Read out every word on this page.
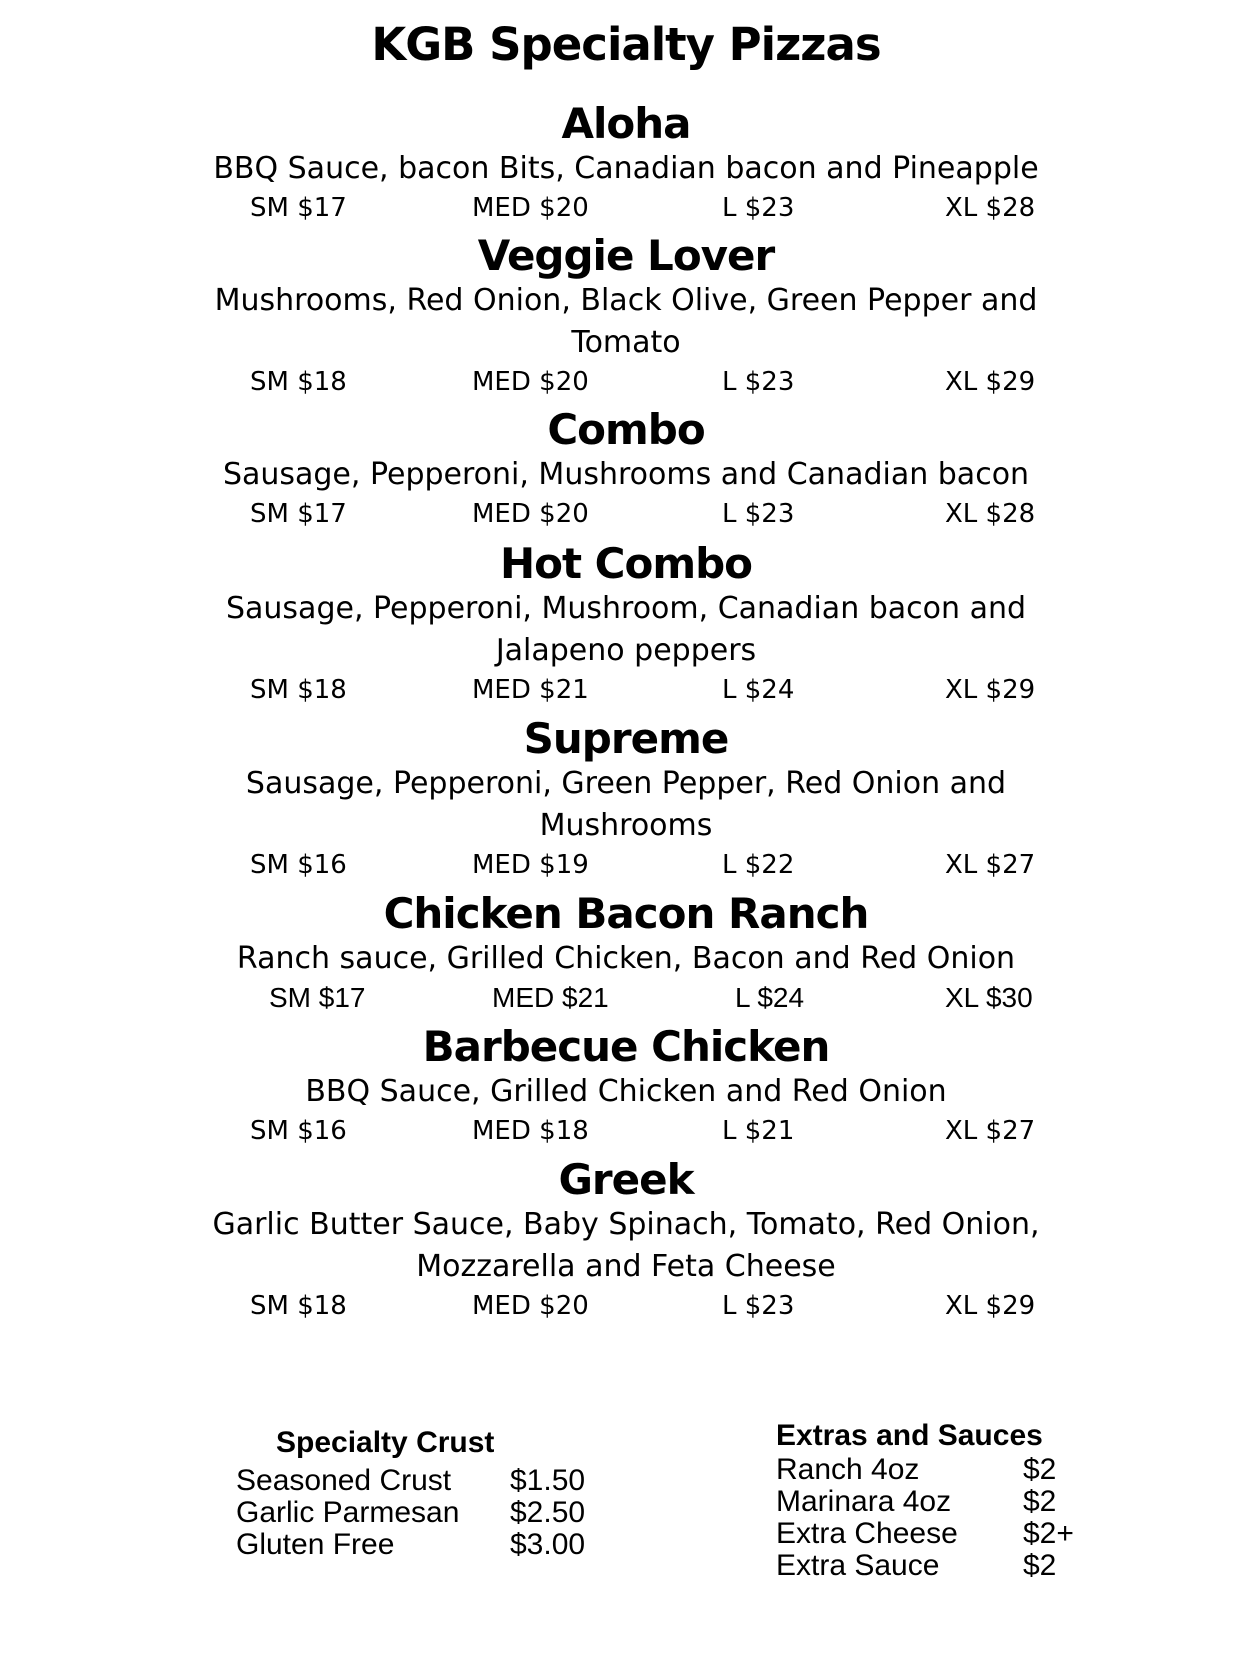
KGB Specialty Pizzas
Aloha
BBQ Sauce, bacon Bits, Canadian bacon and Pineapple
SM $17	MED $20	L $23	XL $28
Veggie Lover
Mushrooms, Red Onion, Black Olive, Green Pepper and Tomato
SM $18	MED $20	L $23	XL $29
Combo
Sausage, Pepperoni, Mushrooms and Canadian bacon
SM $17	MED $20	L $23	XL $28
Hot Combo
Sausage, Pepperoni, Mushroom, Canadian bacon and Jalapeno peppers
SM $18	MED $21	L $24	XL $29
Supreme
Sausage, Pepperoni, Green Pepper, Red Onion and Mushrooms
SM $16	MED $19	L $22	XL $27
Chicken Bacon Ranch
Ranch sauce, Grilled Chicken, Bacon and Red Onion
SM $17	MED $21	L $24	XL $30
Barbecue Chicken
BBQ Sauce, Grilled Chicken and Red Onion
SM $16	MED $18	L $21	XL $27
Greek
Garlic Butter Sauce, Baby Spinach, Tomato, Red Onion, Mozzarella and Feta Cheese
SM $18	MED $20	L $23	XL $29
Specialty Crust
Seasoned Crust $1.50
Garlic Parmesan $2.50
Gluten Free	$3.00
Extras and Sauces
Ranch 4oz	$2
Marinara 4oz $2
Extra Cheese $2+
Extra Sauce	$2
